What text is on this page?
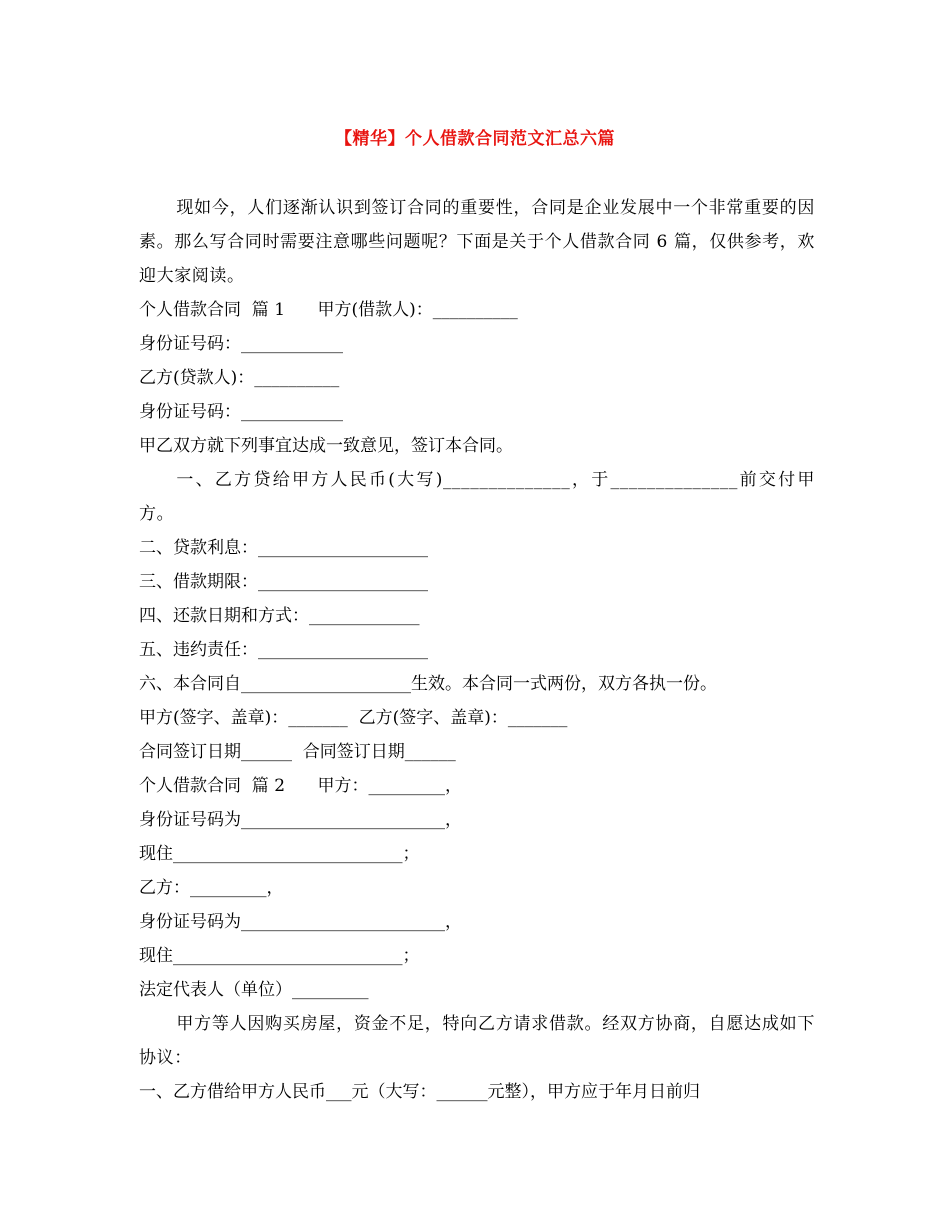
【精华】个人借款合同范文汇总六篇

现如今，人们逐渐认识到签订合同的重要性，合同是企业发展中一个非常重要的因素。那么写合同时需要注意哪些问题呢？下面是关于个人借款合同 6 篇，仅供参考，欢迎大家阅读。

个人借款合同  篇 1      甲方(借款人)：__________

身份证号码：____________

乙方(贷款人)：__________

身份证号码：____________

甲乙双方就下列事宜达成一致意见，签订本合同。

一、乙方贷给甲方人民币(大写)______________，于______________前交付甲方。

二、贷款利息：____________________

三、借款期限：____________________

四、还款日期和方式：_____________

五、违约责任：____________________

六、本合同自____________________生效。本合同一式两份，双方各执一份。

甲方(签字、盖章)：_______  乙方(签字、盖章)：_______

合同签订日期______  合同签订日期______

个人借款合同  篇 2      甲方：_________，

身份证号码为________________________，

现住___________________________；

乙方：_________，

身份证号码为________________________，

现住___________________________；

法定代表人（单位）_________

甲方等人因购买房屋，资金不足，特向乙方请求借款。经双方协商，自愿达成如下协议：

一、乙方借给甲方人民币___元（大写：______元整），甲方应于年月日前归
